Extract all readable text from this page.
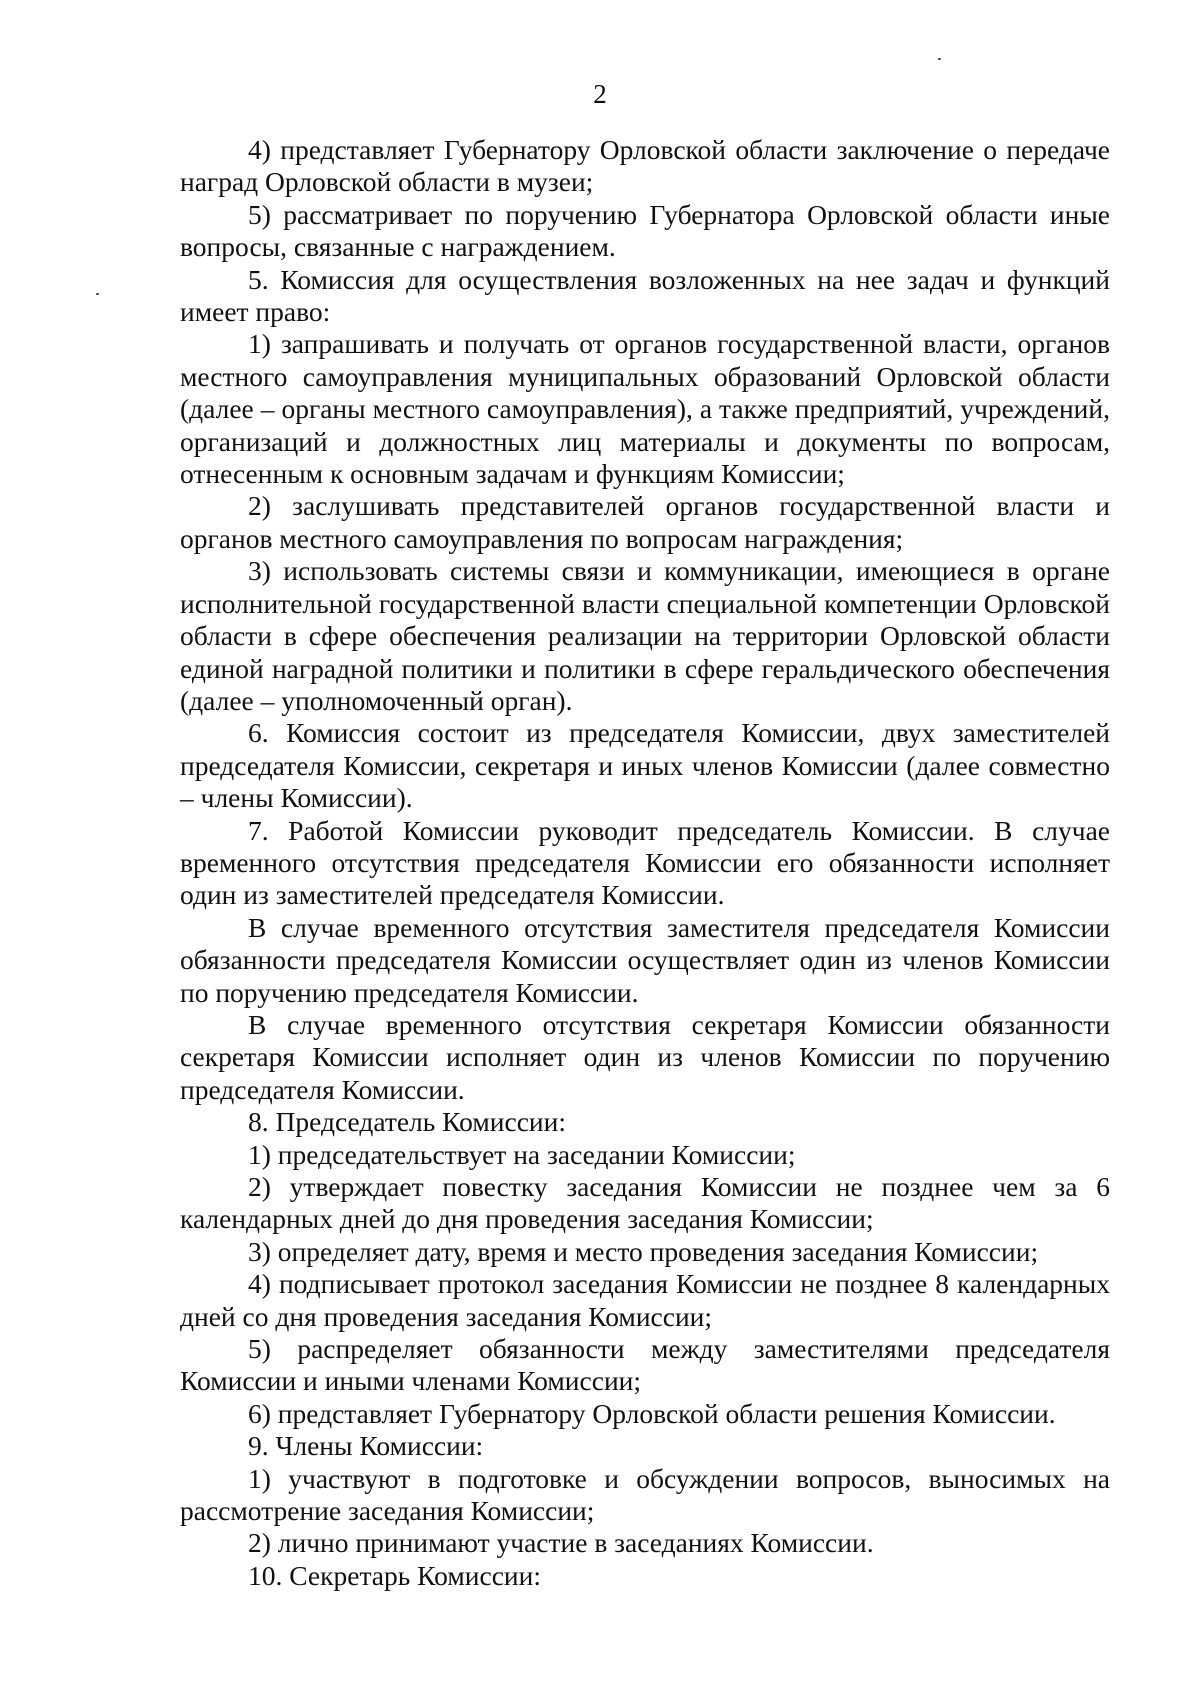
2

4) представляет Губернатору Орловской области заключение о передаче наград Орловской области в музеи;

5) рассматривает по поручению Губернатора Орловской области иные вопросы, связанные с награждением.

5. Комиссия для осуществления возложенных на нее задач и функций имеет право:

1) запрашивать и получать от органов государственной власти, органов местного самоуправления муниципальных образований Орловской области (далее – органы местного самоуправления), а также предприятий, учреждений, организаций и должностных лиц материалы и документы по вопросам, отнесенным к основным задачам и функциям Комиссии;

2) заслушивать представителей органов государственной власти и органов местного самоуправления по вопросам награждения;

3) использовать системы связи и коммуникации, имеющиеся в органе исполнительной государственной власти специальной компетенции Орловской области в сфере обеспечения реализации на территории Орловской области единой наградной политики и политики в сфере геральдического обеспечения (далее – уполномоченный орган).

6. Комиссия состоит из председателя Комиссии, двух заместителей председателя Комиссии, секретаря и иных членов Комиссии (далее совместно – члены Комиссии).

7. Работой Комиссии руководит председатель Комиссии. В случае временного отсутствия председателя Комиссии его обязанности исполняет один из заместителей председателя Комиссии.

В случае временного отсутствия заместителя председателя Комиссии обязанности председателя Комиссии осуществляет один из членов Комиссии по поручению председателя Комиссии.

В случае временного отсутствия секретаря Комиссии обязанности секретаря Комиссии исполняет один из членов Комиссии по поручению председателя Комиссии.

8. Председатель Комиссии:

1) председательствует на заседании Комиссии;

2) утверждает повестку заседания Комиссии не позднее чем за 6 календарных дней до дня проведения заседания Комиссии;

3) определяет дату, время и место проведения заседания Комиссии;

4) подписывает протокол заседания Комиссии не позднее 8 календарных дней со дня проведения заседания Комиссии;

5) распределяет обязанности между заместителями председателя Комиссии и иными членами Комиссии;

6) представляет Губернатору Орловской области решения Комиссии.

9. Члены Комиссии:

1) участвуют в подготовке и обсуждении вопросов, выносимых на рассмотрение заседания Комиссии;

2) лично принимают участие в заседаниях Комиссии.

10. Секретарь Комиссии:
